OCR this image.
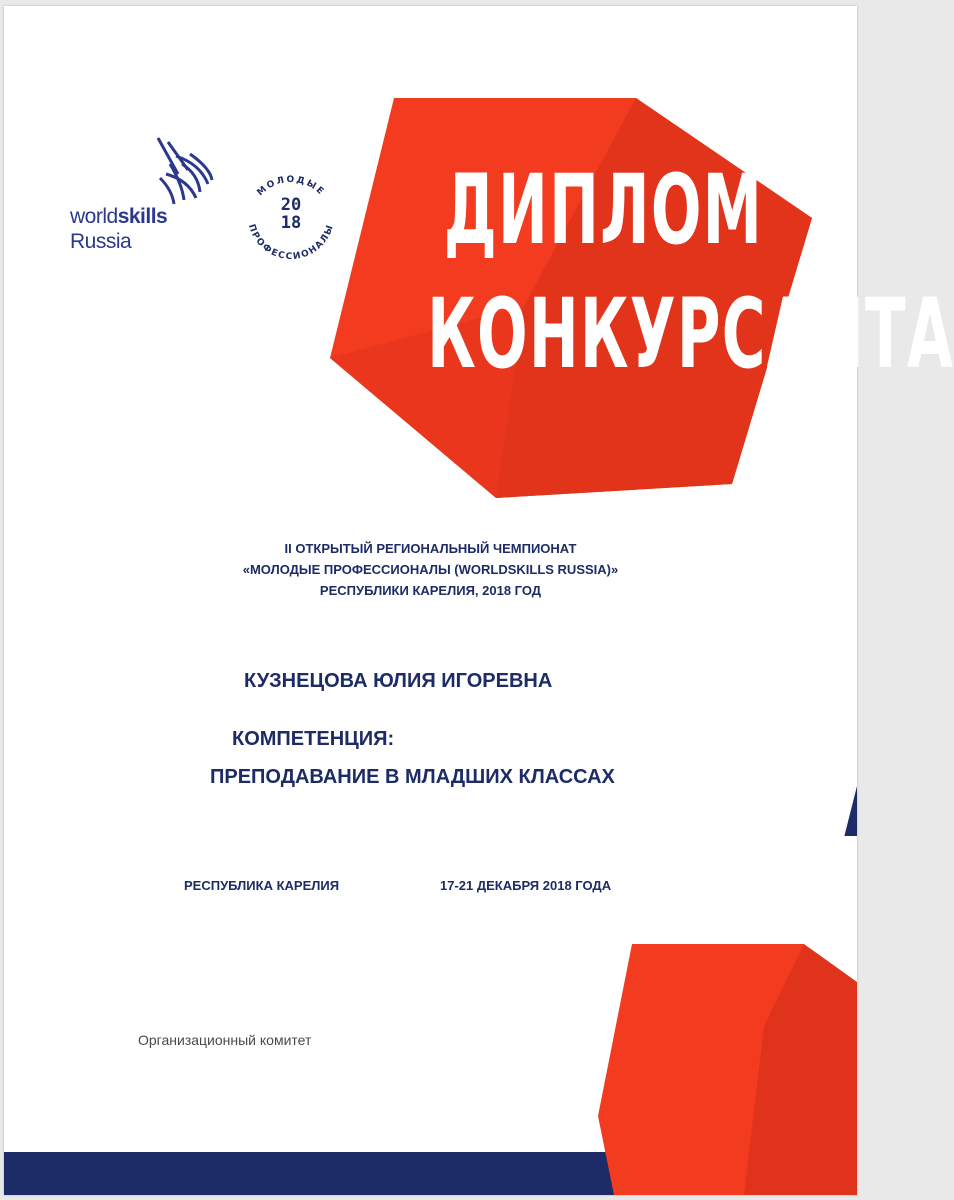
worldskills
Russia
МОЛОДЫЕ
ПРОФЕССИОНАЛЫ
20
18 ДИПЛОМ
КОНКУРСАНТА
II ОТКРЫТЫЙ РЕГИОНАЛЬНЫЙ ЧЕМПИОНАТ
«МОЛОДЫЕ ПРОФЕССИОНАЛЫ (WORLDSKILLS RUSSIA)»
РЕСПУБЛИКИ КАРЕЛИЯ, 2018 ГОД
КУЗНЕЦОВА ЮЛИЯ ИГОРЕВНА
КОМПЕТЕНЦИЯ:
ПРЕПОДАВАНИЕ В МЛАДШИХ КЛАССАХ
РЕСПУБЛИКА КАРЕЛИЯ	17-21 ДЕКАБРЯ 2018 ГОДА
Организационный комитет
